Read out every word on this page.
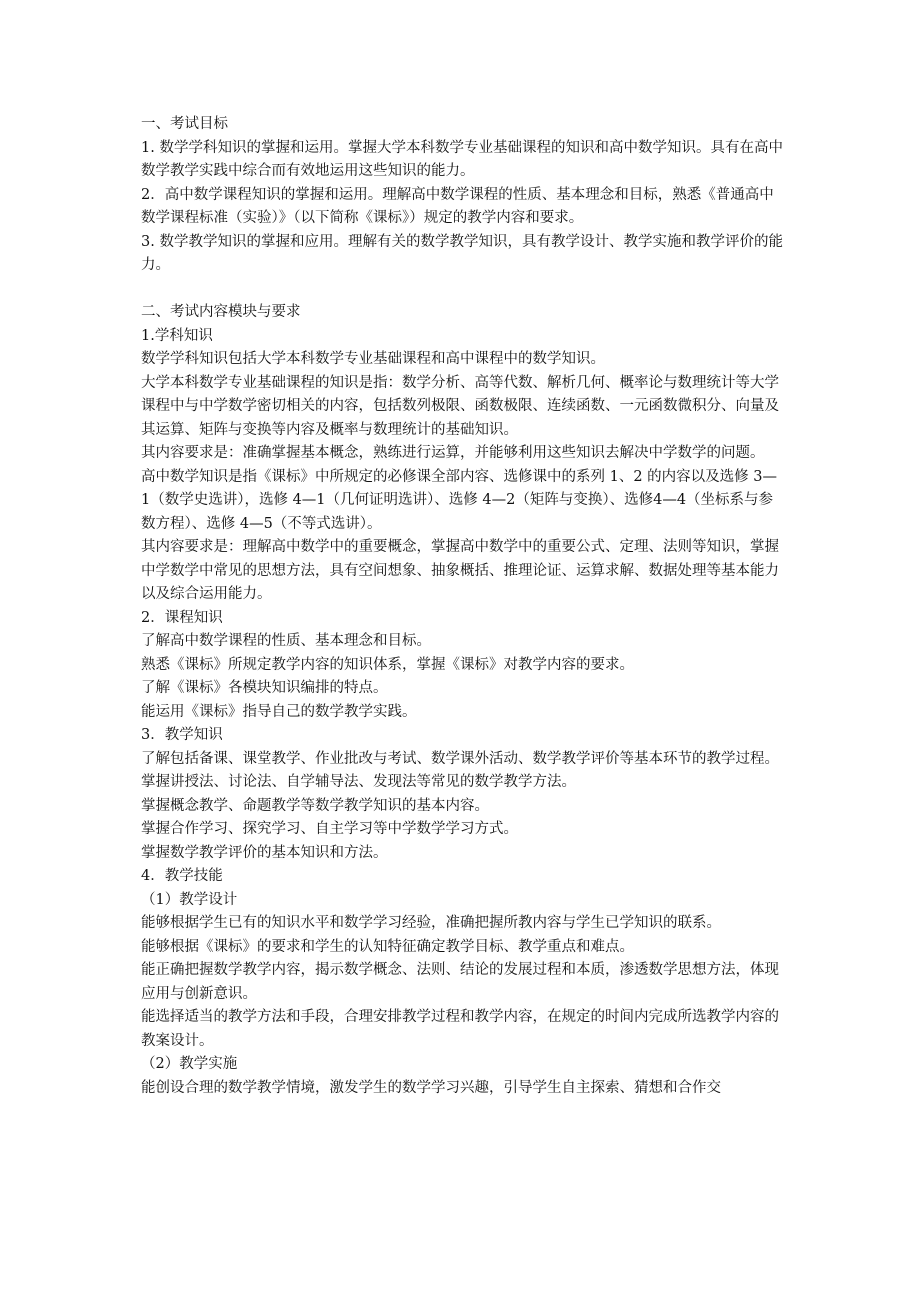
一、考试目标
1. 数学学科知识的掌握和运用。掌握大学本科数学专业基础课程的知识和高中数学知识。具有在高中数学教学实践中综合而有效地运用这些知识的能力。
2．高中数学课程知识的掌握和运用。理解高中数学课程的性质、基本理念和目标，熟悉《普通高中数学课程标准（实验）》（以下简称《课标》）规定的教学内容和要求。
3. 数学教学知识的掌握和应用。理解有关的数学教学知识，具有教学设计、教学实施和教学评价的能力。
二、考试内容模块与要求
1.学科知识
数学学科知识包括大学本科数学专业基础课程和高中课程中的数学知识。
大学本科数学专业基础课程的知识是指：数学分析、高等代数、解析几何、概率论与数理统计等大学课程中与中学数学密切相关的内容，包括数列极限、函数极限、连续函数、一元函数微积分、向量及其运算、矩阵与变换等内容及概率与数理统计的基础知识。
其内容要求是：准确掌握基本概念，熟练进行运算，并能够利用这些知识去解决中学数学的问题。
高中数学知识是指《课标》中所规定的必修课全部内容、选修课中的系列 1、2 的内容以及选修 3—1（数学史选讲），选修 4—1（几何证明选讲）、选修 4—2（矩阵与变换）、选修4—4（坐标系与参数方程）、选修 4—5（不等式选讲）。
其内容要求是：理解高中数学中的重要概念，掌握高中数学中的重要公式、定理、法则等知识，掌握中学数学中常见的思想方法，具有空间想象、抽象概括、推理论证、运算求解、数据处理等基本能力以及综合运用能力。
2．课程知识
了解高中数学课程的性质、基本理念和目标。
熟悉《课标》所规定教学内容的知识体系，掌握《课标》对教学内容的要求。
了解《课标》各模块知识编排的特点。
能运用《课标》指导自己的数学教学实践。
3．教学知识
了解包括备课、课堂教学、作业批改与考试、数学课外活动、数学教学评价等基本环节的教学过程。
掌握讲授法、讨论法、自学辅导法、发现法等常见的数学教学方法。
掌握概念教学、命题教学等数学教学知识的基本内容。
掌握合作学习、探究学习、自主学习等中学数学学习方式。
掌握数学教学评价的基本知识和方法。
4．教学技能
（1）教学设计
能够根据学生已有的知识水平和数学学习经验，准确把握所教内容与学生已学知识的联系。
能够根据《课标》的要求和学生的认知特征确定教学目标、教学重点和难点。
能正确把握数学教学内容，揭示数学概念、法则、结论的发展过程和本质，渗透数学思想方法，体现应用与创新意识。
能选择适当的教学方法和手段，合理安排教学过程和教学内容，在规定的时间内完成所选教学内容的教案设计。
（2）教学实施
能创设合理的数学教学情境，激发学生的数学学习兴趣，引导学生自主探索、猜想和合作交
